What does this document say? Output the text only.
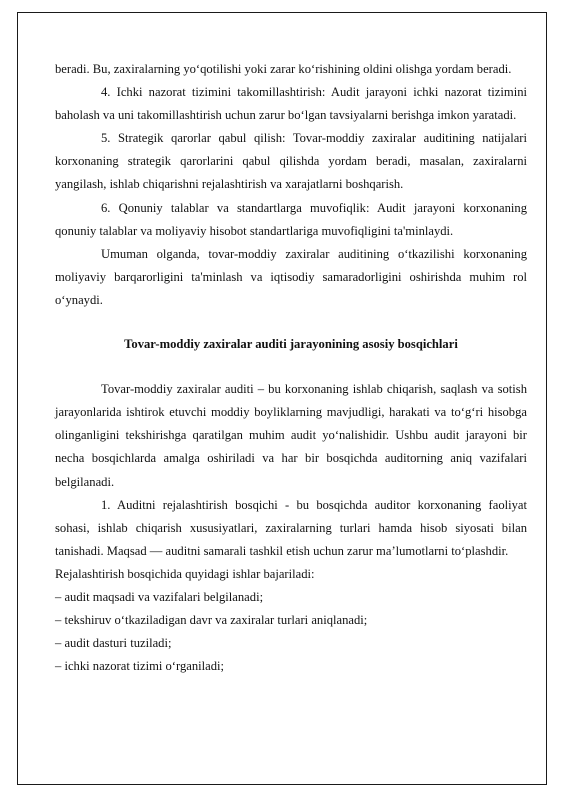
beradi. Bu, zaxiralarning yo‘qotilishi yoki zarar ko‘rishining oldini olishga yordam beradi.

4. Ichki nazorat tizimini takomillashtirish: Audit jarayoni ichki nazorat tizimini baholash va uni takomillashtirish uchun zarur bo‘lgan tavsiyalarni berishga imkon yaratadi.

5. Strategik qarorlar qabul qilish: Tovar-moddiy zaxiralar auditining natijalari korxonaning strategik qarorlarini qabul qilishda yordam beradi, masalan, zaxiralarni yangilash, ishlab chiqarishni rejalashtirish va xarajatlarni boshqarish.

6. Qonuniy talablar va standartlarga muvofiqlik: Audit jarayoni korxonaning qonuniy talablar va moliyaviy hisobot standartlariga muvofiqligini ta'minlaydi.

Umuman olganda, tovar-moddiy zaxiralar auditining o‘tkazilishi korxonaning moliyaviy barqarorligini ta'minlash va iqtisodiy samaradorligini oshirishda muhim rol o‘ynaydi.

Tovar-moddiy zaxiralar auditi jarayonining asosiy bosqichlari

Tovar-moddiy zaxiralar auditi – bu korxonaning ishlab chiqarish, saqlash va sotish jarayonlarida ishtirok etuvchi moddiy boyliklarning mavjudligi, harakati va to‘g‘ri hisobga olinganligini tekshirishga qaratilgan muhim audit yo‘nalishidir. Ushbu audit jarayoni bir necha bosqichlarda amalga oshiriladi va har bir bosqichda auditorning aniq vazifalari belgilanadi.

1. Auditni rejalashtirish bosqichi - bu bosqichda auditor korxonaning faoliyat sohasi, ishlab chiqarish xususiyatlari, zaxiralarning turlari hamda hisob siyosati bilan tanishadi. Maqsad — auditni samarali tashkil etish uchun zarur ma’lumotlarni to‘plashdir.

Rejalashtirish bosqichida quyidagi ishlar bajariladi:

– audit maqsadi va vazifalari belgilanadi;

– tekshiruv o‘tkaziladigan davr va zaxiralar turlari aniqlanadi;

– audit dasturi tuziladi;

– ichki nazorat tizimi o‘rganiladi;
